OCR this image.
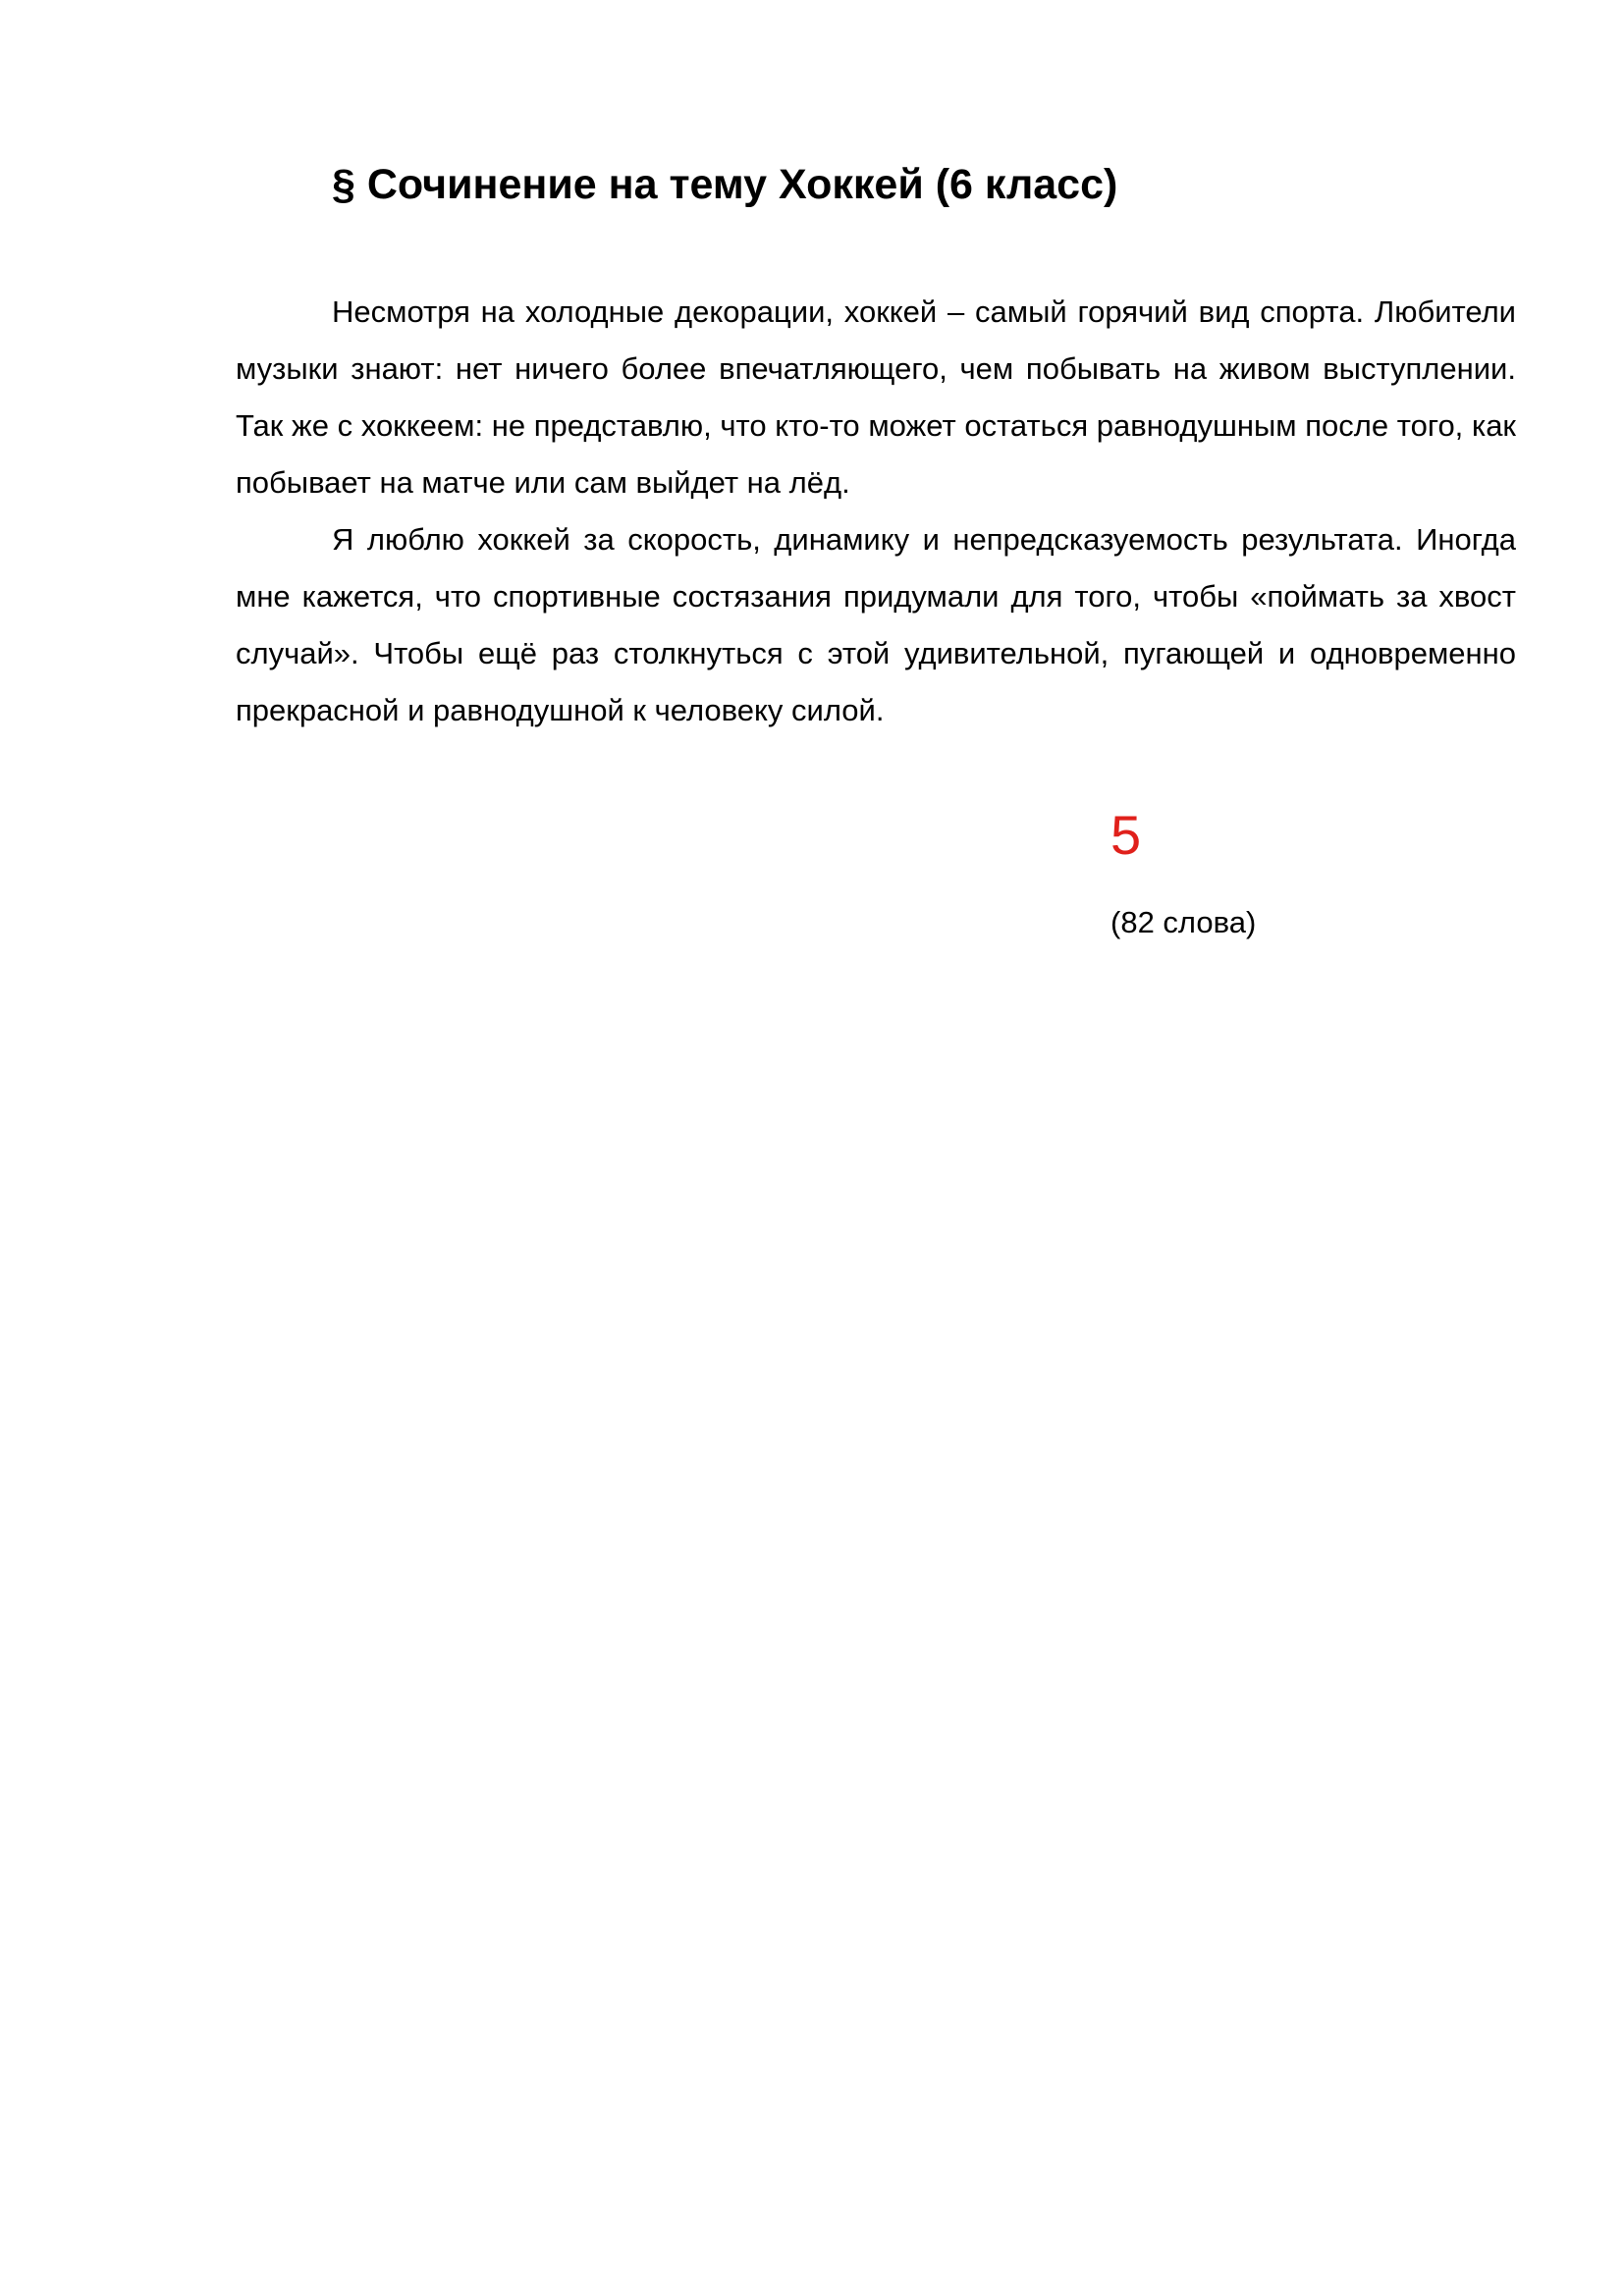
§ Сочинение на тему Хоккей (6 класс)

Несмотря на холодные декорации, хоккей – самый горячий вид спорта. Любители музыки знают: нет ничего более впечатляющего, чем побывать на живом выступлении. Так же с хоккеем: не представлю, что кто-то может остаться равнодушным после того, как побывает на матче или сам выйдет на лёд.

Я люблю хоккей за скорость, динамику и непредсказуемость результата. Иногда мне кажется, что спортивные состязания придумали для того, чтобы «поймать за хвост случай». Чтобы ещё раз столкнуться с этой удивительной, пугающей и одновременно прекрасной и равнодушной к человеку силой.

5
(82 слова)
